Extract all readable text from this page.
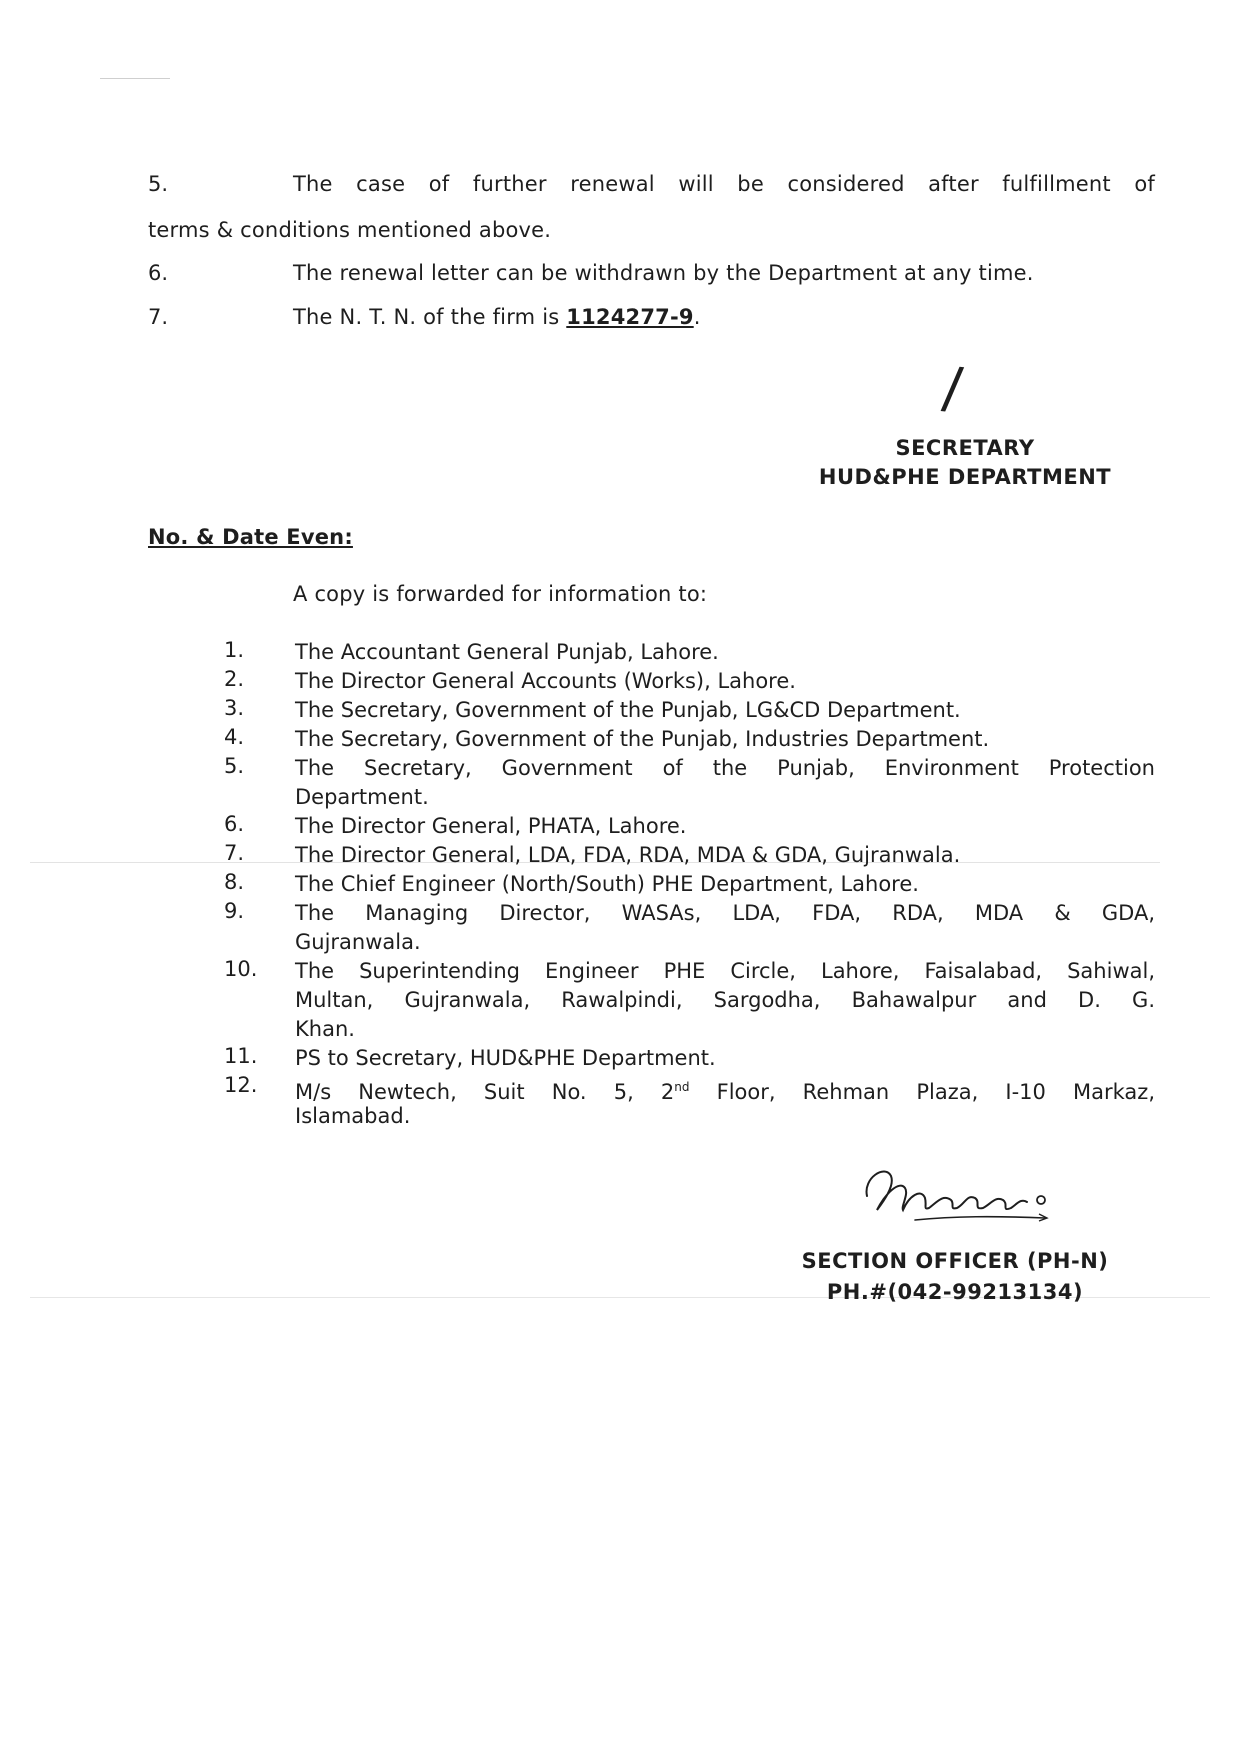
5.	The case of further renewal will be considered after fulfillment of
terms & conditions mentioned above.
6.	The renewal letter can be withdrawn by the Department at any time.
7.	The N. T. N. of the firm is 1124277-9.
/
SECRETARY
HUD&PHE DEPARTMENT
No. & Date Even:
A copy is forwarded for information to:
1. The Accountant General Punjab, Lahore.
2. The Director General Accounts (Works), Lahore.
3. The Secretary, Government of the Punjab, LG&CD Department.
4. The Secretary, Government of the Punjab, Industries Department.
5. The Secretary, Government of the Punjab, Environment Protection
Department.
6. The Director General, PHATA, Lahore.
7. The Director General, LDA, FDA, RDA, MDA & GDA, Gujranwala.
8. The Chief Engineer (North/South) PHE Department, Lahore.
9. The Managing Director, WASAs, LDA, FDA, RDA, MDA & GDA,
Gujranwala.
10. The Superintending Engineer PHE Circle, Lahore, Faisalabad, Sahiwal,
Multan, Gujranwala, Rawalpindi, Sargodha, Bahawalpur and D. G.
Khan.
11. PS to Secretary, HUD&PHE Department.
12. M/s Newtech, Suit No. 5, 2nd Floor, Rehman Plaza, I-10 Markaz,
Islamabad.
SECTION OFFICER (PH-N)
PH.#(042-99213134)
